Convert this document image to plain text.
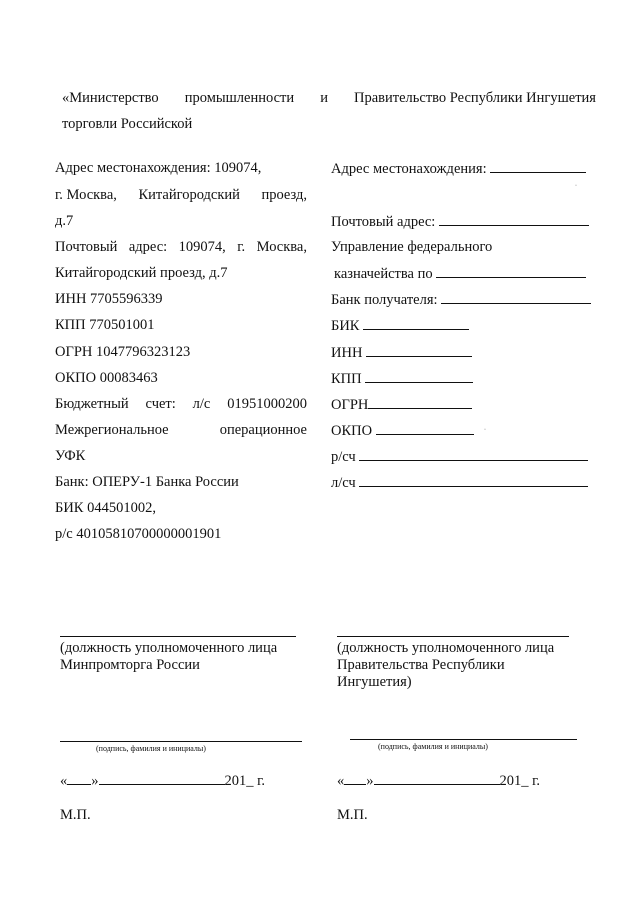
«Министерство промышленности и Правительство Республики Ингушетия
торговли Российской
Адрес местонахождения: 109074,
г. Москва, Китайгородский проезд,
д.7
Почтовый адрес: 109074, г. Москва,
Китайгородский проезд, д.7
ИНН 7705596339
КПП 770501001
ОГРН 1047796323123
ОКПО 00083463
Бюджетный счет: л/с 01951000200
Межрегиональное	операционное
УФК
Банк: ОПЕРУ-1 Банка России
БИК 044501002,
р/с 40105810700000001901
Адрес местонахождения:
·
Почтовый адрес:
Управление федерального
казначейства по
Банк получателя:
БИК
ИНН
КПП
ОГРН
ОКПО	·
р/сч
л/сч
(должность уполномоченного лица
Минпромторга России
(должность уполномоченного лица
Правительства Республики
Ингушетия)
(подпись, фамилия и инициалы)	(подпись, фамилия и инициалы)
« »	201_ г.	« »	201_ г.
М.П.	М.П.
